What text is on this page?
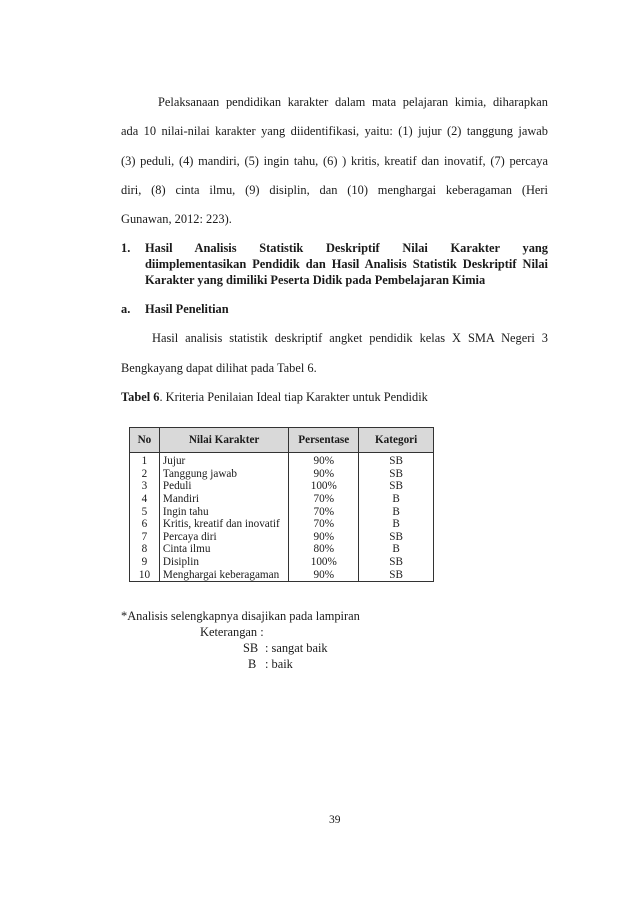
Pelaksanaan pendidikan karakter dalam mata pelajaran kimia, diharapkan
ada 10 nilai-nilai karakter yang diidentifikasi, yaitu: (1) jujur (2) tanggung jawab
(3) peduli, (4) mandiri, (5) ingin tahu, (6) ) kritis, kreatif dan inovatif, (7) percaya
diri, (8) cinta ilmu, (9) disiplin, dan (10) menghargai keberagaman (Heri
Gunawan, 2012: 223).
1. Hasil Analisis Statistik Deskriptif Nilai Karakter yang
diimplementasikan Pendidik dan Hasil Analisis Statistik Deskriptif Nilai
Karakter yang dimiliki Peserta Didik pada Pembelajaran Kimia
a. Hasil Penelitian
Hasil analisis statistik deskriptif angket pendidik kelas X SMA Negeri 3
Bengkayang dapat dilihat pada Tabel 6.
Tabel 6. Kriteria Penilaian Ideal tiap Karakter untuk Pendidik
No	Nilai Karakter	Persentase	Kategori
1	Jujur	90%	SB
2	Tanggung jawab	90%	SB
3	Peduli	100%	SB
4	Mandiri	70%	B
5	Ingin tahu	70%	B
6	Kritis, kreatif dan inovatif	70%	B
7	Percaya diri	90%	SB
8	Cinta ilmu	80%	B
9	Disiplin	100%	SB
10	Menghargai keberagaman	90%	SB
*Analisis selengkapnya disajikan pada lampiran
Keterangan :
SB : sangat baik
B : baik
39
